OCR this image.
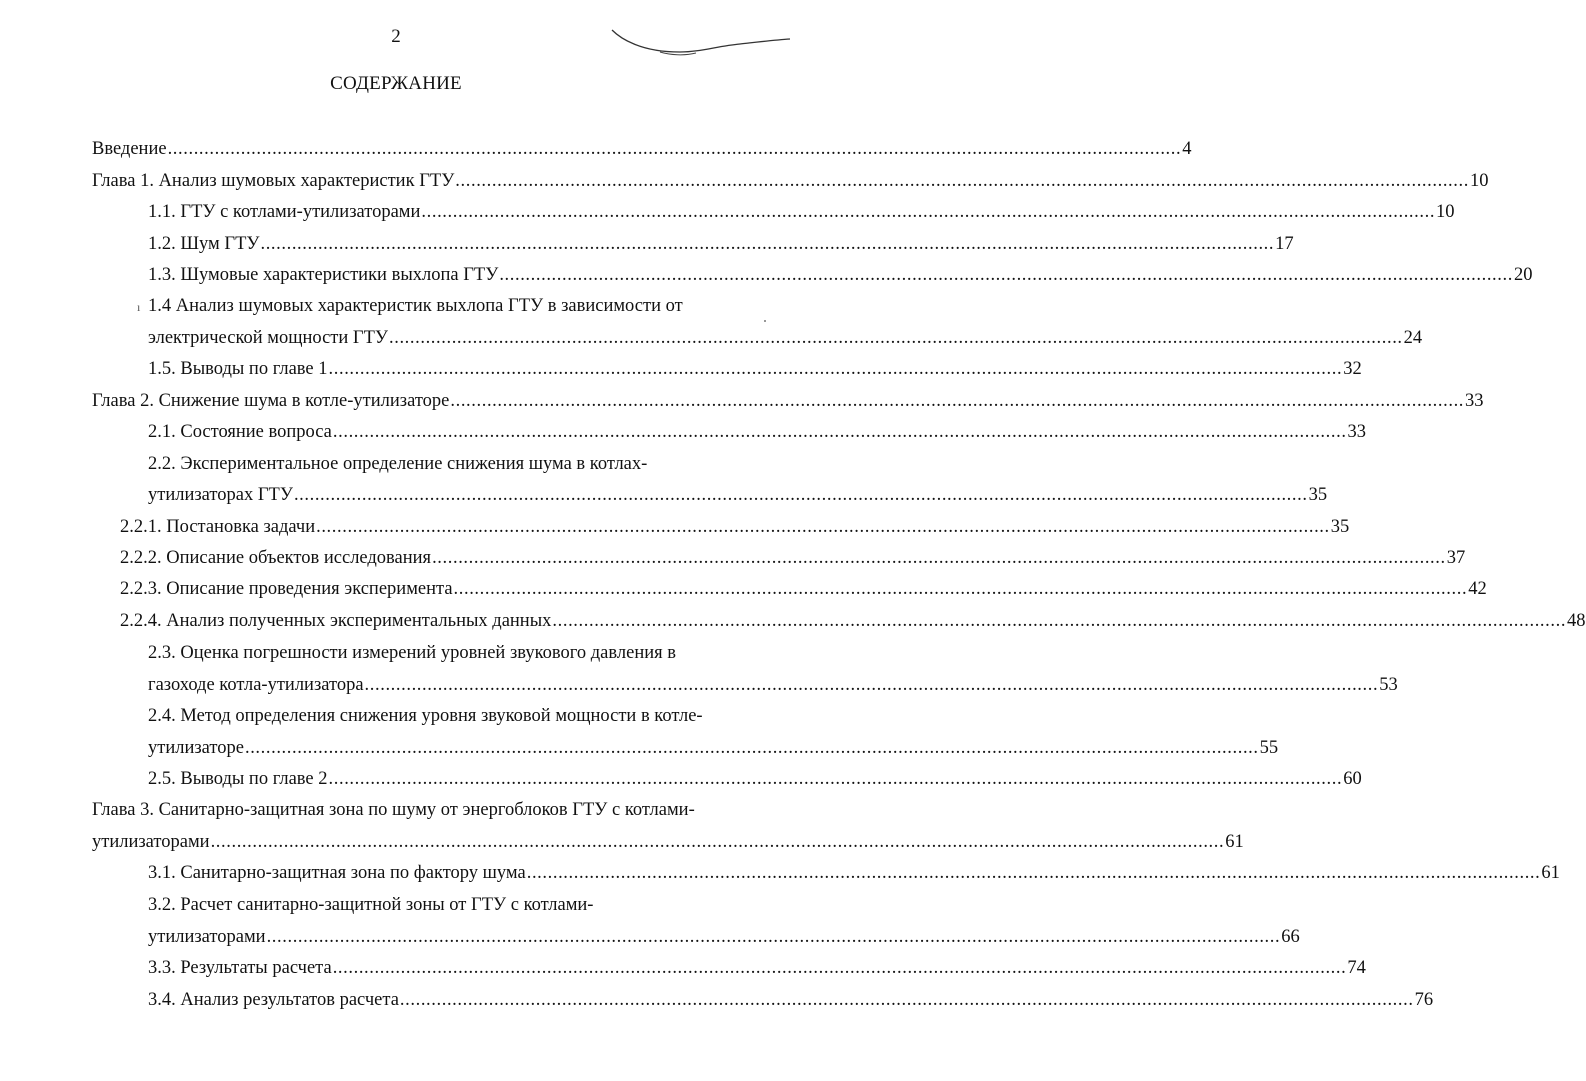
2
СОДЕРЖАНИЕ
ı
Введение .................................................................................................................................................................................................. 4
Глава 1. Анализ шумовых характеристик ГТУ .................................................................................................................................................................................................. 10
1.1. ГТУ с котлами-утилизаторами .................................................................................................................................................................................................. 10
1.2. Шум ГТУ .................................................................................................................................................................................................. 17
1.3. Шумовые характеристики выхлопа ГТУ .................................................................................................................................................................................................. 20
1.4 Анализ шумовых характеристик выхлопа ГТУ в зависимости от
электрической мощности ГТУ .................................................................................................................................................................................................. 24
1.5. Выводы по главе 1 .................................................................................................................................................................................................. 32
Глава 2. Снижение шума в котле-утилизаторе .................................................................................................................................................................................................. 33
2.1. Состояние вопроса .................................................................................................................................................................................................. 33
2.2. Экспериментальное определение снижения шума в котлах-
утилизаторах ГТУ .................................................................................................................................................................................................. 35
2.2.1. Постановка задачи .................................................................................................................................................................................................. 35
2.2.2. Описание объектов исследования .................................................................................................................................................................................................. 37
2.2.3. Описание проведения эксперимента .................................................................................................................................................................................................. 42
2.2.4. Анализ полученных экспериментальных данных .................................................................................................................................................................................................. 48
2.3. Оценка погрешности измерений уровней звукового давления в
газоходе котла-утилизатора .................................................................................................................................................................................................. 53
2.4. Метод определения снижения уровня звуковой мощности в котле-
утилизаторе .................................................................................................................................................................................................. 55
2.5. Выводы по главе 2 .................................................................................................................................................................................................. 60
Глава 3. Санитарно-защитная зона по шуму от энергоблоков ГТУ с котлами-
утилизаторами .................................................................................................................................................................................................. 61
3.1. Санитарно-защитная зона по фактору шума .................................................................................................................................................................................................. 61
3.2. Расчет санитарно-защитной зоны от ГТУ с котлами-
утилизаторами .................................................................................................................................................................................................. 66
3.3. Результаты расчета .................................................................................................................................................................................................. 74
3.4. Анализ результатов расчета .................................................................................................................................................................................................. 76
